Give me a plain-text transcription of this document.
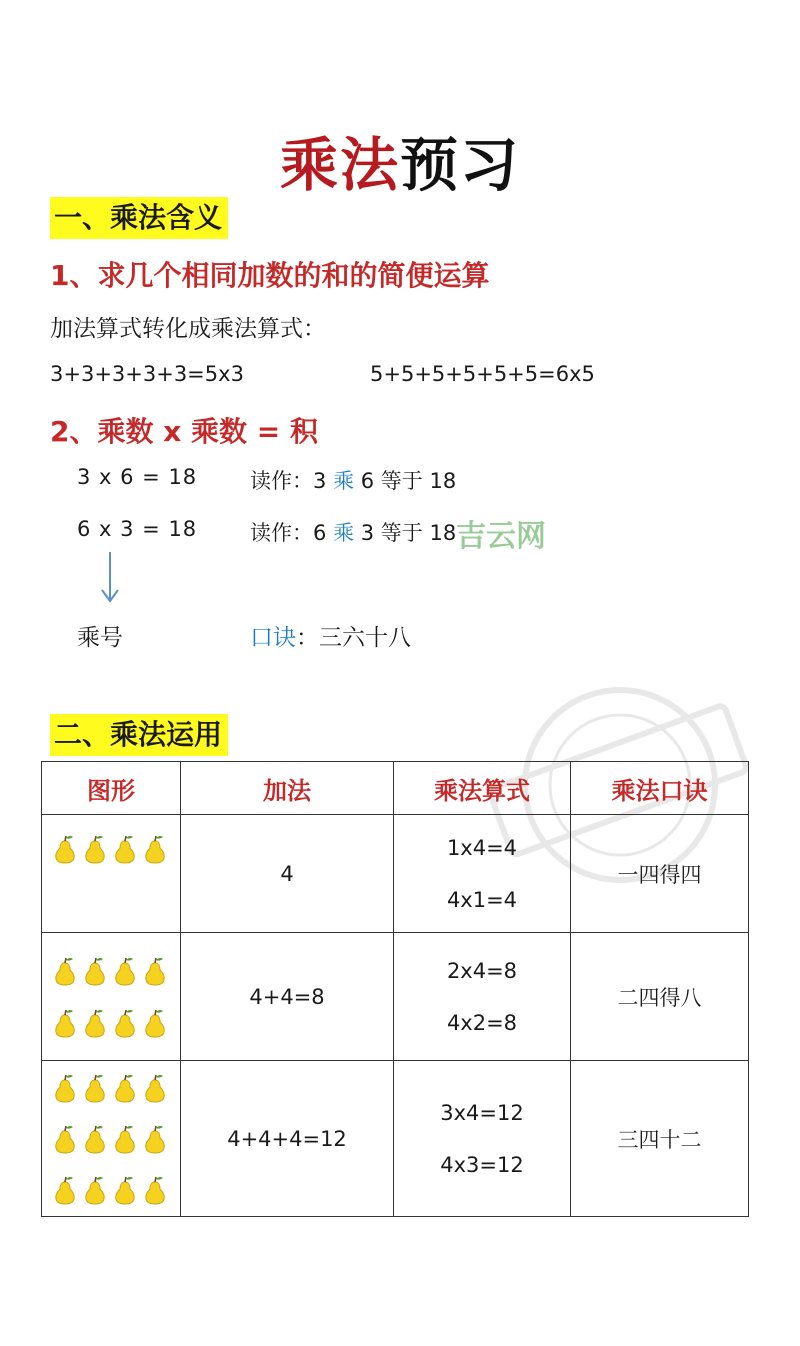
乘法预习
一、乘法含义
1、求几个相同加数的和的简便运算
加法算式转化成乘法算式：
3+3+3+3+3=5x3	5+5+5+5+5+5=6x5
2、乘数 x 乘数 = 积
3 x 6 = 18	读作：3 乘 6 等于 18
6 x 3 = 18	读作：6 乘 3 等于 18 吉云网
乘号	口诀：三六十八
二、乘法运用
图形	加法	乘法算式	乘法口诀

	4	1x4=4
4x1=4	一四得四

	4+4=8	2x4=8
4x2=8	二四得八

	4+4+4=12	3x4=12
4x3=12	三四十二
